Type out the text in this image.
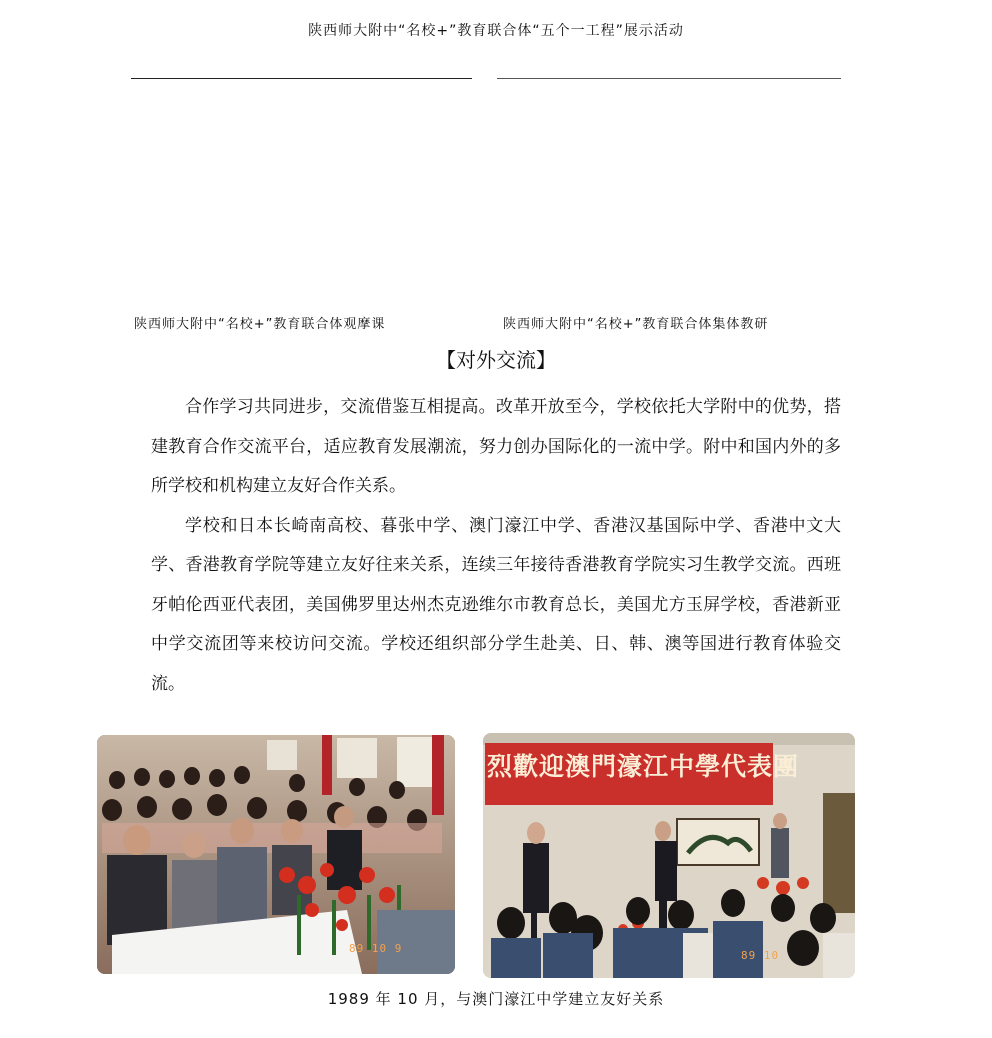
陕西师大附中“名校+”教育联合体“五个一工程”展示活动
陕西师大附中“名校+”教育联合体观摩课	陕西师大附中“名校+”教育联合体集体教研
【对外交流】

合作学习共同进步，交流借鉴互相提高。改革开放至今，学校依托大学附中的优势，搭建教育合作交流平台，适应教育发展潮流，努力创办国际化的一流中学。附中和国内外的多所学校和机构建立友好合作关系。

学校和日本长崎南高校、暮张中学、澳门濠江中学、香港汉基国际中学、香港中文大学、香港教育学院等建立友好往来关系，连续三年接待香港教育学院实习生教学交流。西班牙帕伦西亚代表团，美国佛罗里达州杰克逊维尔市教育总长，美国尤方玉屏学校，香港新亚中学交流团等来校访问交流。学校还组织部分学生赴美、日、韩、澳等国进行教育体验交流。

89 10 9
烈歡迎澳門濠江中學代表團
89 10
1989 年 10 月，与澳门濠江中学建立友好关系
